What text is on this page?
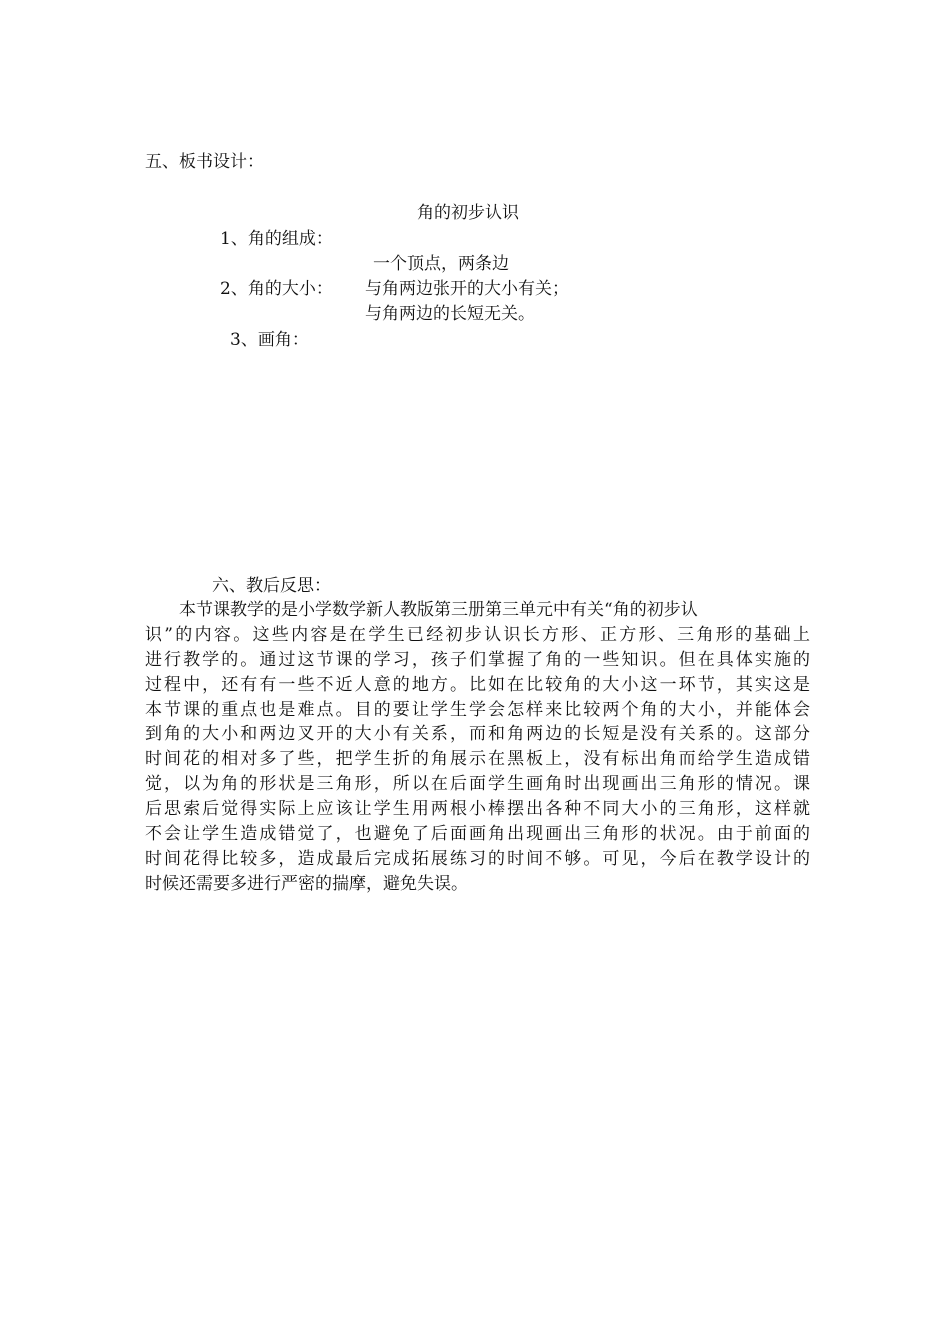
五、板书设计：
角的初步认识
1、角的组成：
一个顶点，两条边
2、角的大小： 与角两边张开的大小有关；
与角两边的长短无关。
3、画角：
六、教后反思：
本节课教学的是小学数学新人教版第三册第三单元中有关“角的初步认
识”的内容。这些内容是在学生已经初步认识长方形、正方形、三角形的基础上
进行教学的。通过这节课的学习，孩子们掌握了角的一些知识。但在具体实施的
过程中，还有有一些不近人意的地方。比如在比较角的大小这一环节，其实这是
本节课的重点也是难点。目的要让学生学会怎样来比较两个角的大小，并能体会
到角的大小和两边叉开的大小有关系，而和角两边的长短是没有关系的。这部分
时间花的相对多了些，把学生折的角展示在黑板上，没有标出角而给学生造成错
觉，以为角的形状是三角形，所以在后面学生画角时出现画出三角形的情况。课
后思索后觉得实际上应该让学生用两根小棒摆出各种不同大小的三角形，这样就
不会让学生造成错觉了，也避免了后面画角出现画出三角形的状况。由于前面的
时间花得比较多，造成最后完成拓展练习的时间不够。可见，今后在教学设计的
时候还需要多进行严密的揣摩，避免失误。
